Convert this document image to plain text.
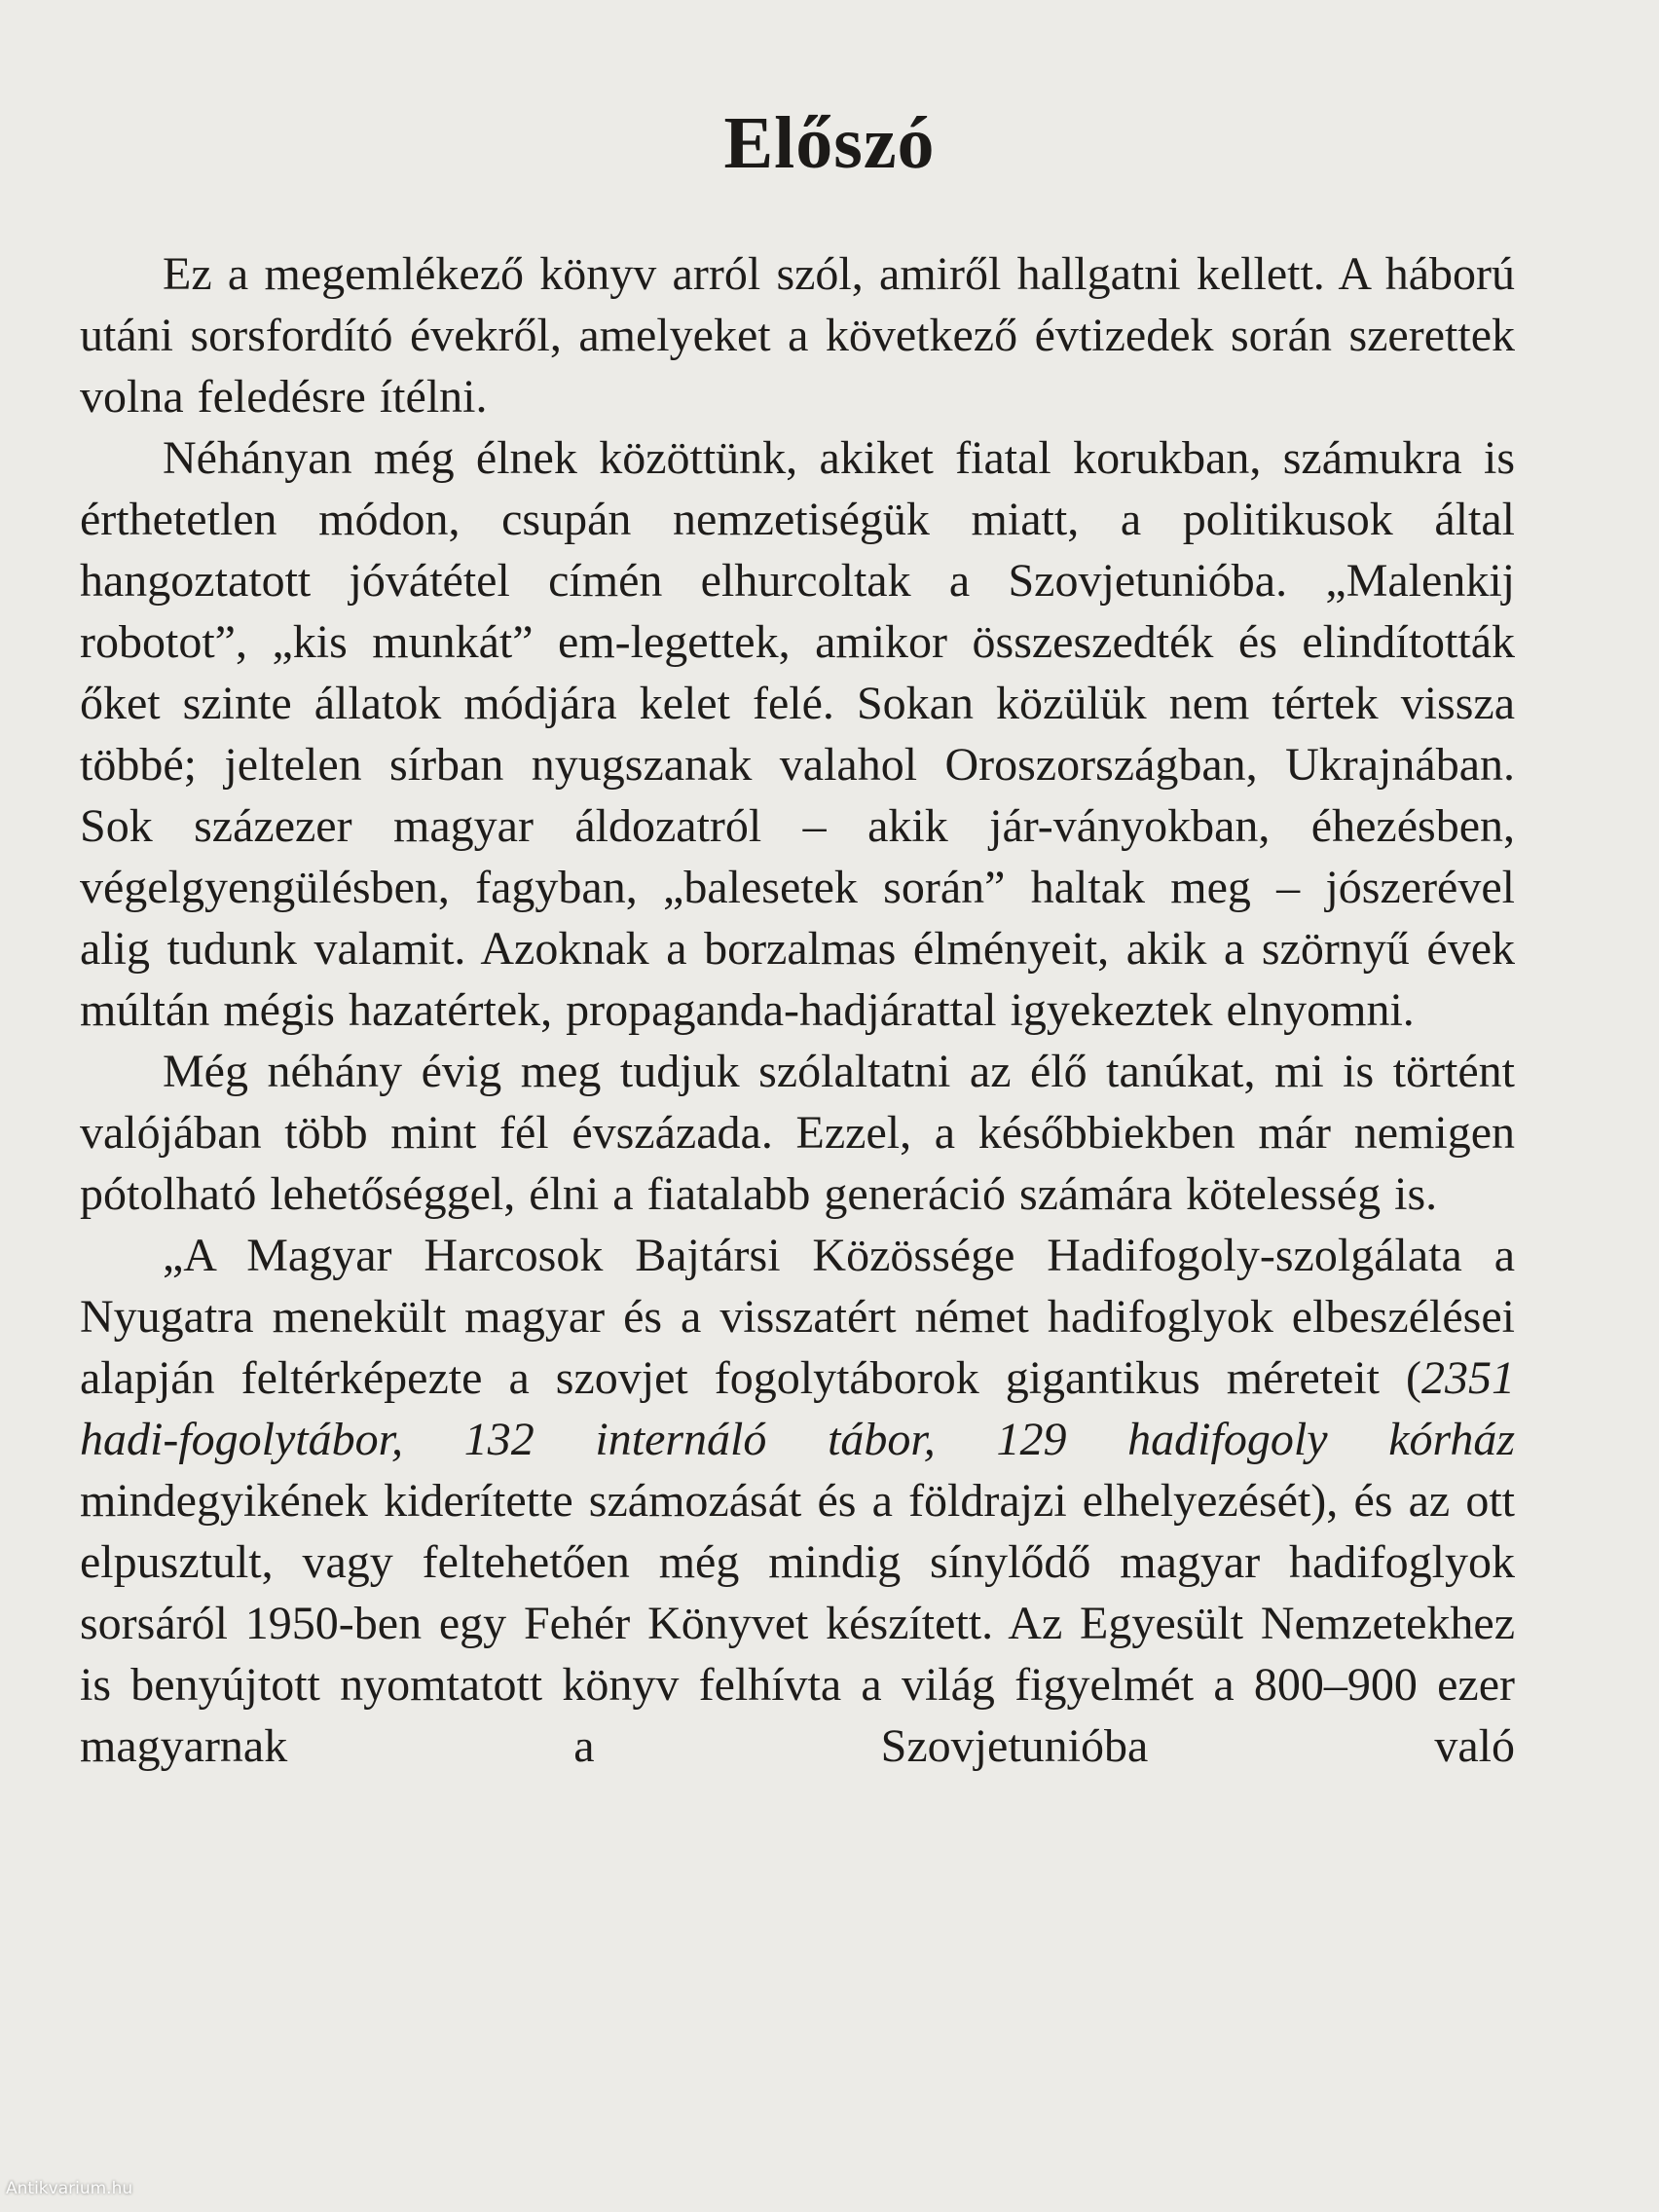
Előszó

Ez a megemlékező könyv arról szól, amiről hallgatni kellett. A háború utáni sorsfordító évekről, amelyeket a következő évtizedek során szerettek volna feledésre ítélni.

Néhányan még élnek közöttünk, akiket fiatal korukban, számukra is érthetetlen módon, csupán nemzetiségük miatt, a politikusok által hangoztatott jóvátétel címén elhurcoltak a Szovjetunióba. „Malenkij robotot”, „kis munkát” em-legettek, amikor összeszedték és elindították őket szinte állatok módjára kelet felé. Sokan közülük nem tértek vissza többé; jeltelen sírban nyugszanak valahol Oroszországban, Ukrajnában. Sok százezer magyar áldozatról – akik jár-ványokban, éhezésben, végelgyengülésben, fagyban, „balesetek során” haltak meg – jószerével alig tudunk valamit. Azoknak a borzalmas élményeit, akik a szörnyű évek múltán mégis hazatértek, propaganda-hadjárattal igyekeztek elnyomni.

Még néhány évig meg tudjuk szólaltatni az élő tanúkat, mi is történt valójában több mint fél évszázada. Ezzel, a későbbiekben már nemigen pótolható lehetőséggel, élni a fiatalabb generáció számára kötelesség is.

„A Magyar Harcosok Bajtársi Közössége Hadifogoly-szolgálata a Nyugatra menekült magyar és a visszatért német hadifoglyok elbeszélései alapján feltérképezte a szovjet fogolytáborok gigantikus méreteit (2351 hadi-fogolytábor, 132 internáló tábor, 129 hadifogoly kórház mindegyikének kiderítette számozását és a földrajzi elhelyezését), és az ott elpusztult, vagy feltehetően még mindig sínylődő magyar hadifoglyok sorsáról 1950-ben egy Fehér Könyvet készített. Az Egyesült Nemzetekhez is benyújtott nyomtatott könyv felhívta a világ figyelmét a 800–900 ezer magyarnak a Szovjetunióba való

Antikvarium.hu
